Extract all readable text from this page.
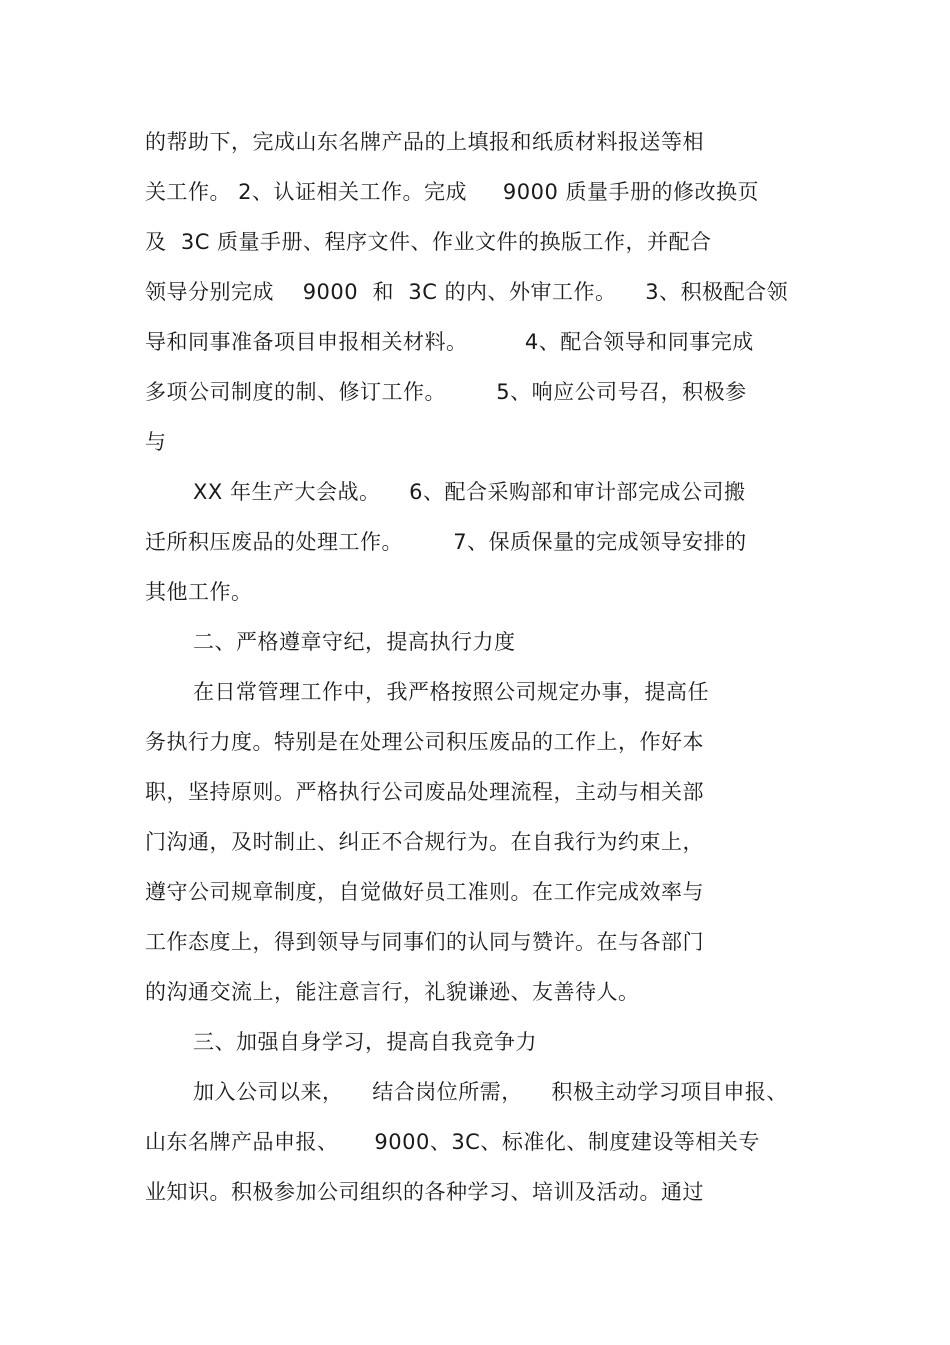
的帮助下，完成山东名牌产品的上填报和纸质材料报送等相
关工作。 2、认证相关工作。完成     9000 质量手册的修改换页
及  3C 质量手册、程序文件、作业文件的换版工作，并配合
领导分别完成    9000  和  3C 的内、外审工作。    3、积极配合领
导和同事准备项目申报相关材料。        4、配合领导和同事完成
多项公司制度的制、修订工作。       5、响应公司号召，积极参
与
XX 年生产大会战。    6、配合采购部和审计部完成公司搬
迁所积压废品的处理工作。       7、保质保量的完成领导安排的
其他工作。
二、严格遵章守纪，提高执行力度
在日常管理工作中，我严格按照公司规定办事，提高任
务执行力度。特别是在处理公司积压废品的工作上，作好本
职，坚持原则。严格执行公司废品处理流程，主动与相关部
门沟通，及时制止、纠正不合规行为。在自我行为约束上，
遵守公司规章制度，自觉做好员工准则。在工作完成效率与
工作态度上，得到领导与同事们的认同与赞许。在与各部门
的沟通交流上，能注意言行，礼貌谦逊、友善待人。
三、加强自身学习，提高自我竞争力
加入公司以来，    结合岗位所需，    积极主动学习项目申报、
山东名牌产品申报、     9000、3C、标准化、制度建设等相关专
业知识。积极参加公司组织的各种学习、培训及活动。通过
